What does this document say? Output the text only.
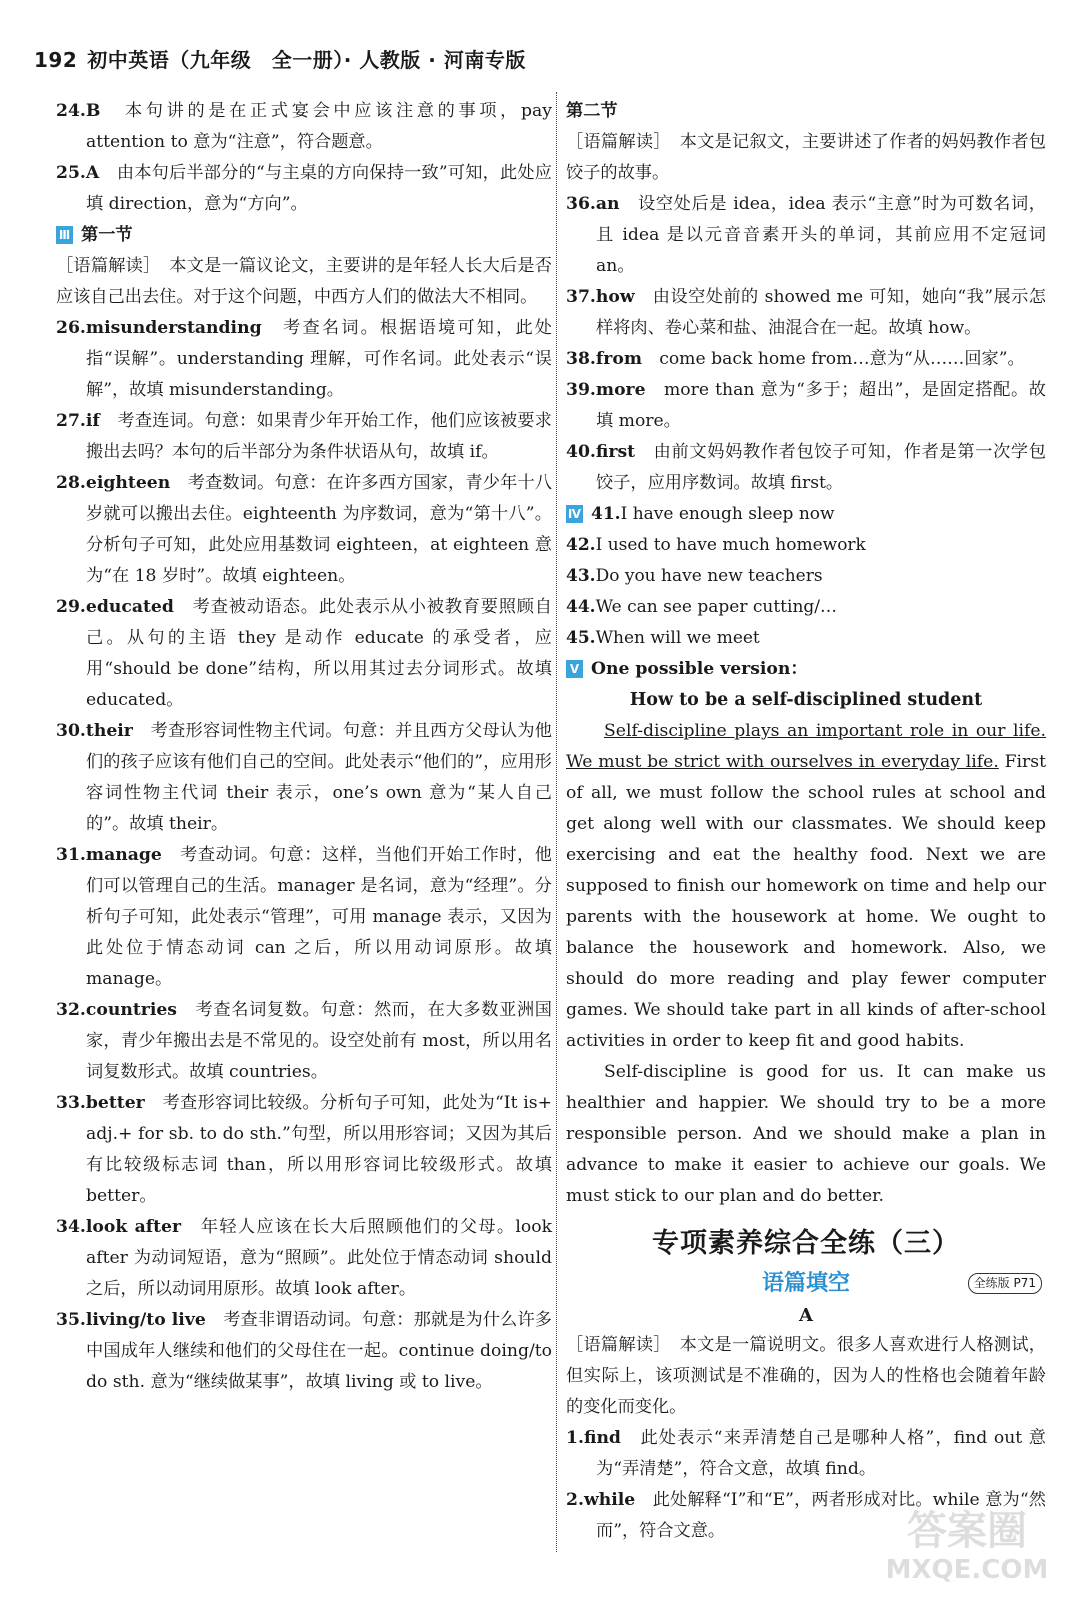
192 初中英语（九年级　全一册）· 人教版 · 河南专版

24.B　本句讲的是在正式宴会中应该注意的事项，pay attention to 意为“注意”，符合题意。

25.A　由本句后半部分的“与主桌的方向保持一致”可知，此处应填 direction，意为“方向”。

Ⅲ 第一节

［语篇解读］　本文是一篇议论文，主要讲的是年轻人长大后是否应该自己出去住。对于这个问题，中西方人们的做法大不相同。

26.misunderstanding　考查名词。根据语境可知，此处指“误解”。understanding 理解，可作名词。此处表示“误解”，故填 misunderstanding。

27.if　考查连词。句意：如果青少年开始工作，他们应该被要求搬出去吗？本句的后半部分为条件状语从句，故填 if。

28.eighteen　考查数词。句意：在许多西方国家，青少年十八岁就可以搬出去住。eighteenth 为序数词，意为“第十八”。分析句子可知，此处应用基数词 eighteen，at eighteen 意为“在 18 岁时”。故填 eighteen。

29.educated　考查被动语态。此处表示从小被教育要照顾自己。从句的主语 they 是动作 educate 的承受者，应用“should be done”结构，所以用其过去分词形式。故填 educated。

30.their　考查形容词性物主代词。句意：并且西方父母认为他们的孩子应该有他们自己的空间。此处表示“他们的”，应用形容词性物主代词 their 表示，one’s own 意为“某人自己的”。故填 their。

31.manage　考查动词。句意：这样，当他们开始工作时，他们可以管理自己的生活。manager 是名词，意为“经理”。分析句子可知，此处表示“管理”，可用 manage 表示，又因为此处位于情态动词 can 之后，所以用动词原形。故填 manage。

32.countries　考查名词复数。句意：然而，在大多数亚洲国家，青少年搬出去是不常见的。设空处前有 most，所以用名词复数形式。故填 countries。

33.better　考查形容词比较级。分析句子可知，此处为“It is+ adj.+ for sb. to do sth.”句型，所以用形容词；又因为其后有比较级标志词 than，所以用形容词比较级形式。故填 better。

34.look after　年轻人应该在长大后照顾他们的父母。look after 为动词短语，意为“照顾”。此处位于情态动词 should 之后，所以动词用原形。故填 look after。

35.living/to live　考查非谓语动词。句意：那就是为什么许多中国成年人继续和他们的父母住在一起。continue doing/to do sth. 意为“继续做某事”，故填 living 或 to live。

第二节

［语篇解读］　本文是记叙文，主要讲述了作者的妈妈教作者包饺子的故事。

36.an　设空处后是 idea，idea 表示“主意”时为可数名词，且 idea 是以元音音素开头的单词，其前应用不定冠词 an。

37.how　由设空处前的 showed me 可知，她向“我”展示怎样将肉、卷心菜和盐、油混合在一起。故填 how。

38.from　come back home from…意为“从……回家”。

39.more　more than 意为“多于；超出”，是固定搭配。故填 more。

40.first　由前文妈妈教作者包饺子可知，作者是第一次学包饺子，应用序数词。故填 first。

Ⅳ 41.I have enough sleep now

42.I used to have much homework

43.Do you have new teachers

44.We can see paper cutting/…

45.When will we meet

Ⅴ One possible version：

How to be a self-disciplined student

Self-discipline plays an important role in our life. We must be strict with ourselves in everyday life. First of all, we must follow the school rules at school and get along well with our classmates. We should keep exercising and eat the healthy food. Next we are supposed to finish our homework on time and help our parents with the housework at home. We ought to balance the housework and homework. Also, we should do more reading and play fewer computer games. We should take part in all kinds of after-school activities in order to keep fit and good habits.

Self-discipline is good for us. It can make us healthier and happier. We should try to be a more responsible person. And we should make a plan in advance to make it easier to achieve our goals. We must stick to our plan and do better.

专项素养综合全练（三）
语篇填空	全练版 P71

A

［语篇解读］　本文是一篇说明文。很多人喜欢进行人格测试，但实际上，该项测试是不准确的，因为人的性格也会随着年龄的变化而变化。

1.find　此处表示“来弄清楚自己是哪种人格”，find out 意为“弄清楚”，符合文意，故填 find。

2.while　此处解释“I”和“E”，两者形成对比。while 意为“然而”，符合文意。	答案圈
MXQE.COM
